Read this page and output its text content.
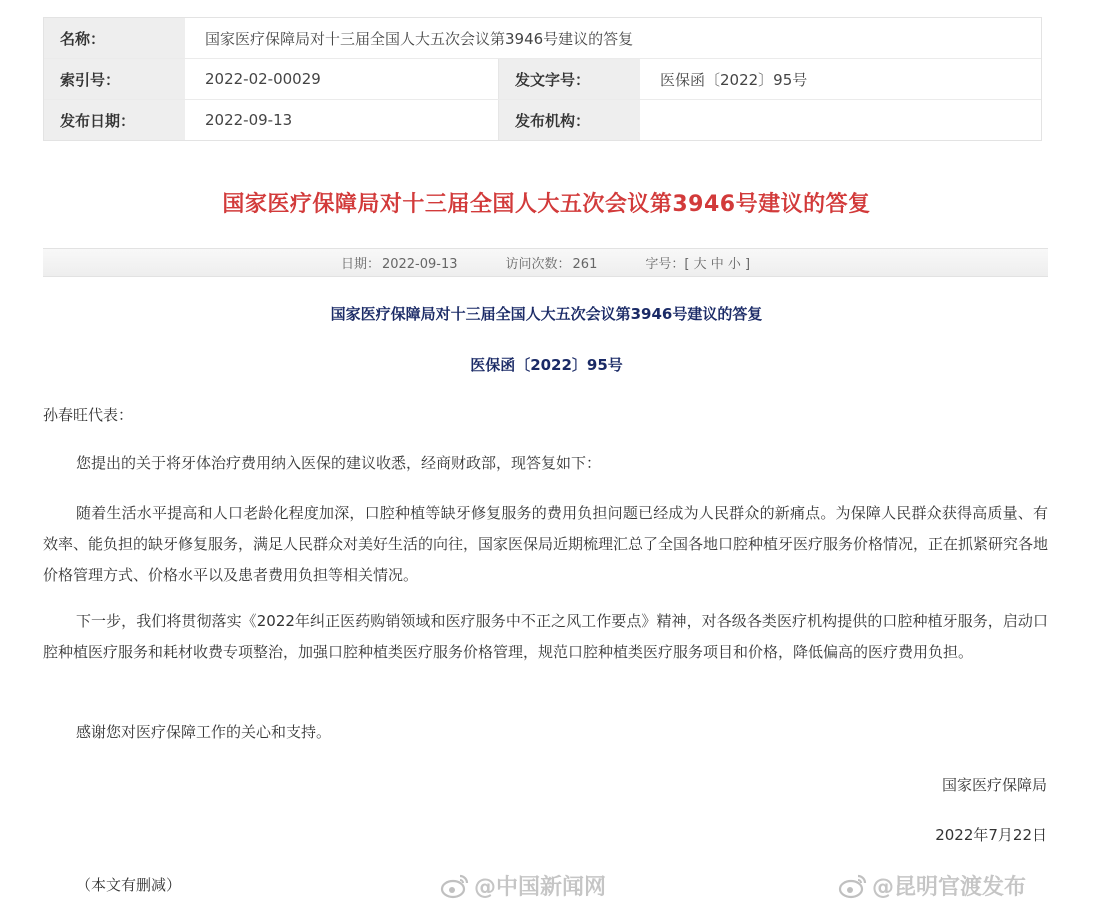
名称：	国家医疗保障局对十三届全国人大五次会议第3946号建议的答复
索引号：	2022-02-00029	发文字号：	医保函〔2022〕95号
发布日期：	2022-09-13	发布机构：
国家医疗保障局对十三届全国人大五次会议第3946号建议的答复
日期： 2022-09-13	访问次数： 261	字号：[ 大 中 小 ]
国家医疗保障局对十三届全国人大五次会议第3946号建议的答复
医保函〔2022〕95号
孙春旺代表：

您提出的关于将牙体治疗费用纳入医保的建议收悉，经商财政部，现答复如下：

随着生活水平提高和人口老龄化程度加深，口腔种植等缺牙修复服务的费用负担问题已经成为人民群众的新痛点。为保障人民群众获得高质量、有效率、能负担的缺牙修复服务，满足人民群众对美好生活的向往，国家医保局近期梳理汇总了全国各地口腔种植牙医疗服务价格情况，正在抓紧研究各地价格管理方式、价格水平以及患者费用负担等相关情况。

下一步，我们将贯彻落实《2022年纠正医药购销领域和医疗服务中不正之风工作要点》精神，对各级各类医疗机构提供的口腔种植牙服务，启动口腔种植医疗服务和耗材收费专项整治，加强口腔种植类医疗服务价格管理，规范口腔种植类医疗服务项目和价格，降低偏高的医疗费用负担。

感谢您对医疗保障工作的关心和支持。

国家医疗保障局
2022年7月22日
（本文有删减）	@中国新闻网	@昆明官渡发布
